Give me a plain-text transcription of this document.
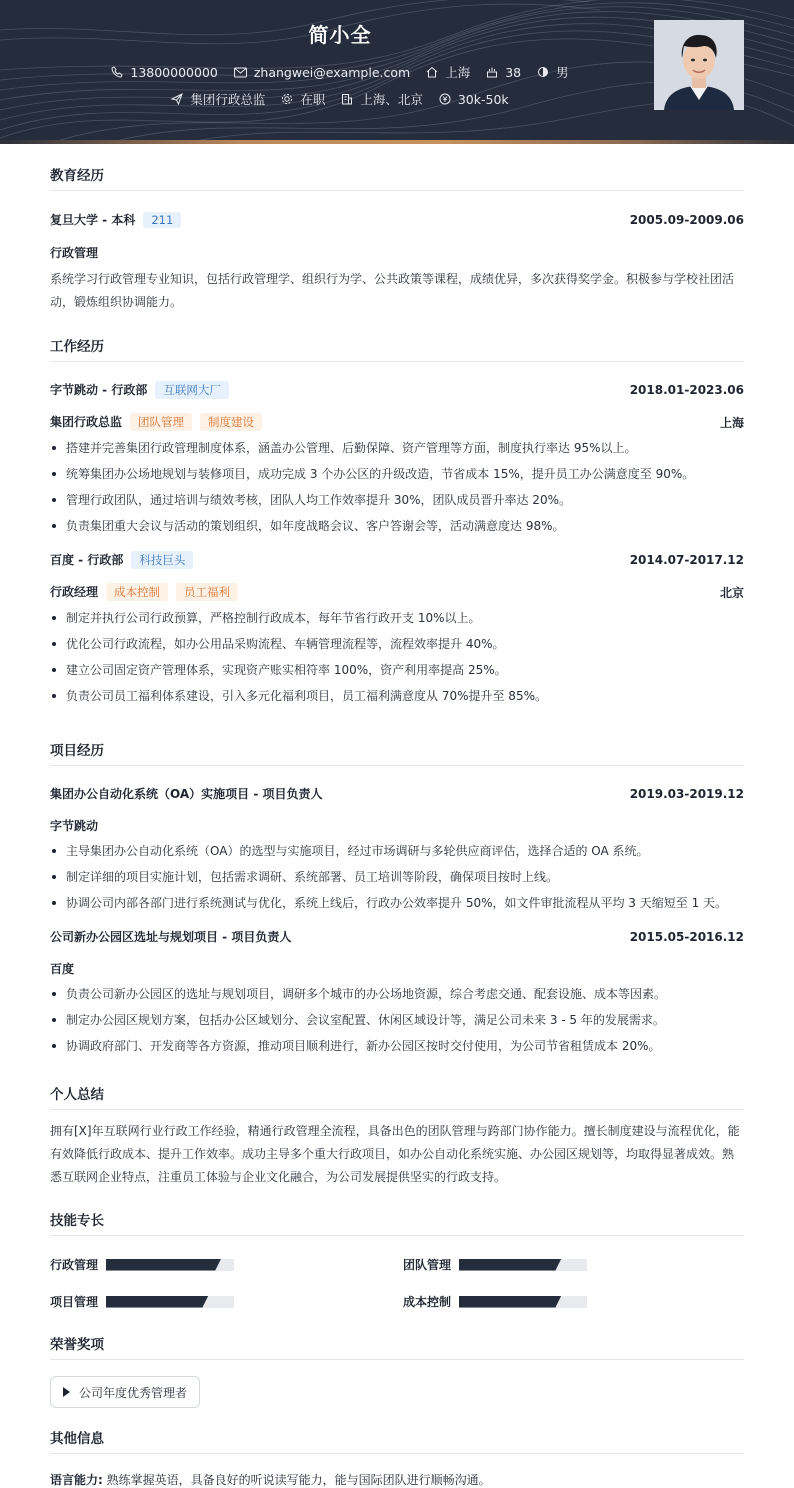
简小全
13800000000
	zhangwei@example.com
	上海
	38
	男
集团行政总监
	在职
	上海、北京
	30k-50k
教育经历
复旦大学 - 本科 211	2005.09-2009.06
行政管理
系统学习行政管理专业知识，包括行政管理学、组织行为学、公共政策等课程，成绩优异，多次获得奖学金。积极参与学校社团活动，锻炼组织协调能力。
工作经历
字节跳动 - 行政部 互联网大厂	2018.01-2023.06
集团行政总监 团队管理 制度建设	上海
搭建并完善集团行政管理制度体系，涵盖办公管理、后勤保障、资产管理等方面，制度执行率达 95%以上。
统筹集团办公场地规划与装修项目，成功完成 3 个办公区的升级改造，节省成本 15%，提升员工办公满意度至 90%。
管理行政团队，通过培训与绩效考核，团队人均工作效率提升 30%，团队成员晋升率达 20%。
负责集团重大会议与活动的策划组织，如年度战略会议、客户答谢会等，活动满意度达 98%。
百度 - 行政部 科技巨头	2014.07-2017.12
行政经理 成本控制 员工福利	北京
制定并执行公司行政预算，严格控制行政成本，每年节省行政开支 10%以上。
优化公司行政流程，如办公用品采购流程、车辆管理流程等，流程效率提升 40%。
建立公司固定资产管理体系，实现资产账实相符率 100%，资产利用率提高 25%。
负责公司员工福利体系建设，引入多元化福利项目，员工福利满意度从 70%提升至 85%。
项目经历
集团办公自动化系统（OA）实施项目 - 项目负责人	2019.03-2019.12
字节跳动
主导集团办公自动化系统（OA）的选型与实施项目，经过市场调研与多轮供应商评估，选择合适的 OA 系统。
制定详细的项目实施计划，包括需求调研、系统部署、员工培训等阶段，确保项目按时上线。
协调公司内部各部门进行系统测试与优化，系统上线后，行政办公效率提升 50%，如文件审批流程从平均 3 天缩短至 1 天。
公司新办公园区选址与规划项目 - 项目负责人	2015.05-2016.12
百度
负责公司新办公园区的选址与规划项目，调研多个城市的办公场地资源，综合考虑交通、配套设施、成本等因素。
制定办公园区规划方案，包括办公区域划分、会议室配置、休闲区域设计等，满足公司未来 3 - 5 年的发展需求。
协调政府部门、开发商等各方资源，推动项目顺利进行，新办公园区按时交付使用，为公司节省租赁成本 20%。
个人总结
拥有[X]年互联网行业行政工作经验，精通行政管理全流程，具备出色的团队管理与跨部门协作能力。擅长制度建设与流程优化，能有效降低行政成本、提升工作效率。成功主导多个重大行政项目，如办公自动化系统实施、办公园区规划等，均取得显著成效。熟悉互联网企业特点，注重员工体验与企业文化融合，为公司发展提供坚实的行政支持。
技能专长
行政管理	团队管理
项目管理	成本控制
荣誉奖项
公司年度优秀管理者
其他信息
语言能力: 熟练掌握英语，具备良好的听说读写能力，能与国际团队进行顺畅沟通。
